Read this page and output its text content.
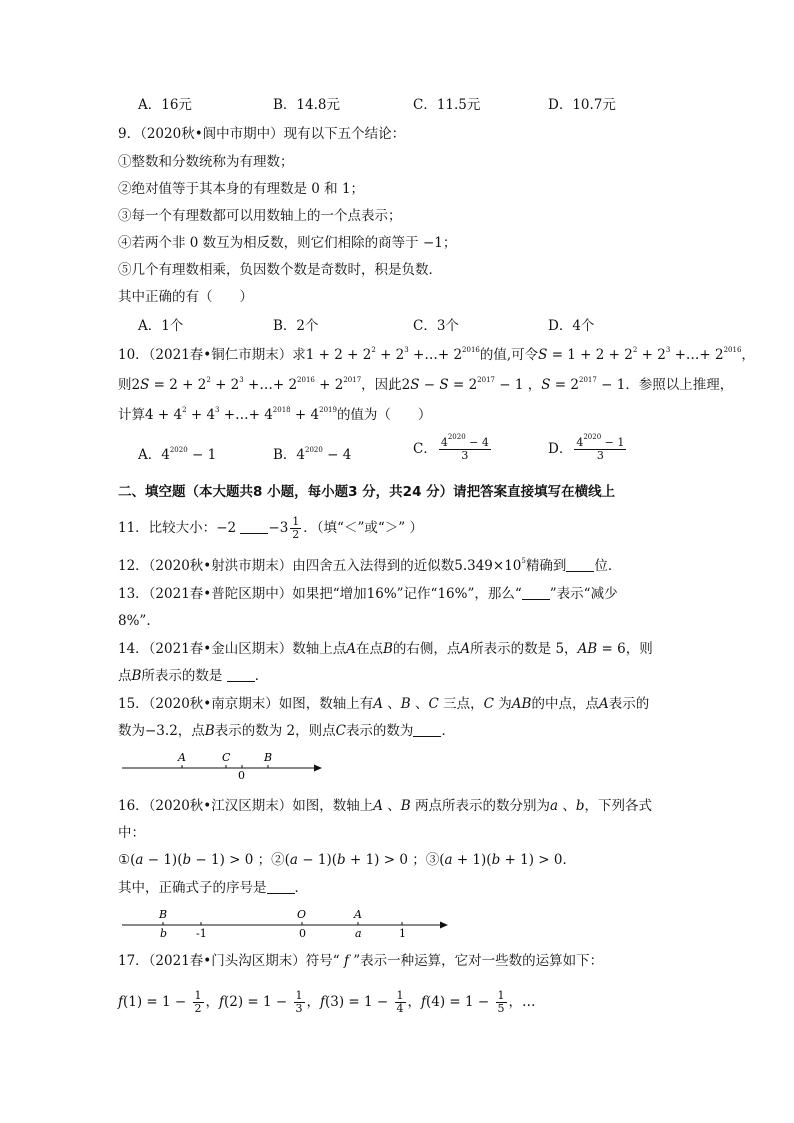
A．16元	B．14.8元	C．11.5元	D．10.7元
9．（2020秋•阆中市期中）现有以下五个结论：
①整数和分数统称为有理数；
②绝对值等于其本身的有理数是 0 和 1；
③每一个有理数都可以用数轴上的一个点表示；
④若两个非 0 数互为相反数，则它们相除的商等于 −1；
⑤几个有理数相乘，负因数个数是奇数时，积是负数．
其中正确的有（　　）
A．1个	B．2个	C．3个	D．4个
10．（2021春•铜仁市期末）求$1 + 2 + 2^2 + 2^3$ +…+ $2^{2016}$的值,可令$S = 1 + 2 + 2^2 + 2^3$ +…+ $2^{2016}$，
则$2S = 2 + 2^2 + 2^3$ +…+ $2^{2016} + 2^{2017}$，因此$2S - S = 2^{2017} - 1$ ，$S = 2^{2017} - 1$．参照以上推理，
计算$4 + 4^2 + 4^3$ +…+ $4^{2018} + 4^{2019}$的值为（　　）
A．$4^{2020} - 1$	B．$4^{2020} - 4$	C． $\frac{4^{2020} - 4}{3}$	D． $\frac{4^{2020} - 1}{3}$
二、填空题（本大题共8 小题，每小题3 分，共24 分）请把答案直接填写在横线上
11．比较大小：$-2 -3 \frac{1}{2}$ ．（填“＜”或“＞” ）
12．（2020秋•射洪市期末）由四舍五入法得到的近似数$5.349\times 10^5$精确到 位．
13．（2021春•普陀区期中）如果把“增加16%”记作“16%”，那么“ ”表示“减少
8%”.
14．（2021春•金山区期末）数轴上点A在点B的右侧，点A所表示的数是 5，AB = 6，则
点B所表示的数是 ．
15．（2020秋•南京期末）如图，数轴上有A 、B 、C 三点，C 为AB的中点，点A表示的
数为−3.2，点B表示的数为 2，则点C表示的数为 ．
A	C	B
0
16．（2020秋•江汉区期末）如图，数轴上A 、B 两点所表示的数分别为a 、b，下列各式
中：
①(a − 1)(b − 1) > 0 ；②(a − 1)(b + 1) > 0 ；③(a + 1)(b + 1) > 0．
其中，正确式子的序号是 ．
B	O	A
b	-1	0	a	1
17．（2021春•门头沟区期末）符号“ f ”表示一种运算，它对一些数的运算如下：
$f(1) = 1 - \frac{1}{2}$ ，$f(2) = 1 - \frac{1}{3}$ ，$f(3) = 1 - \frac{1}{4}$ ，$f(4) = 1 - \frac{1}{5}$ ，…
